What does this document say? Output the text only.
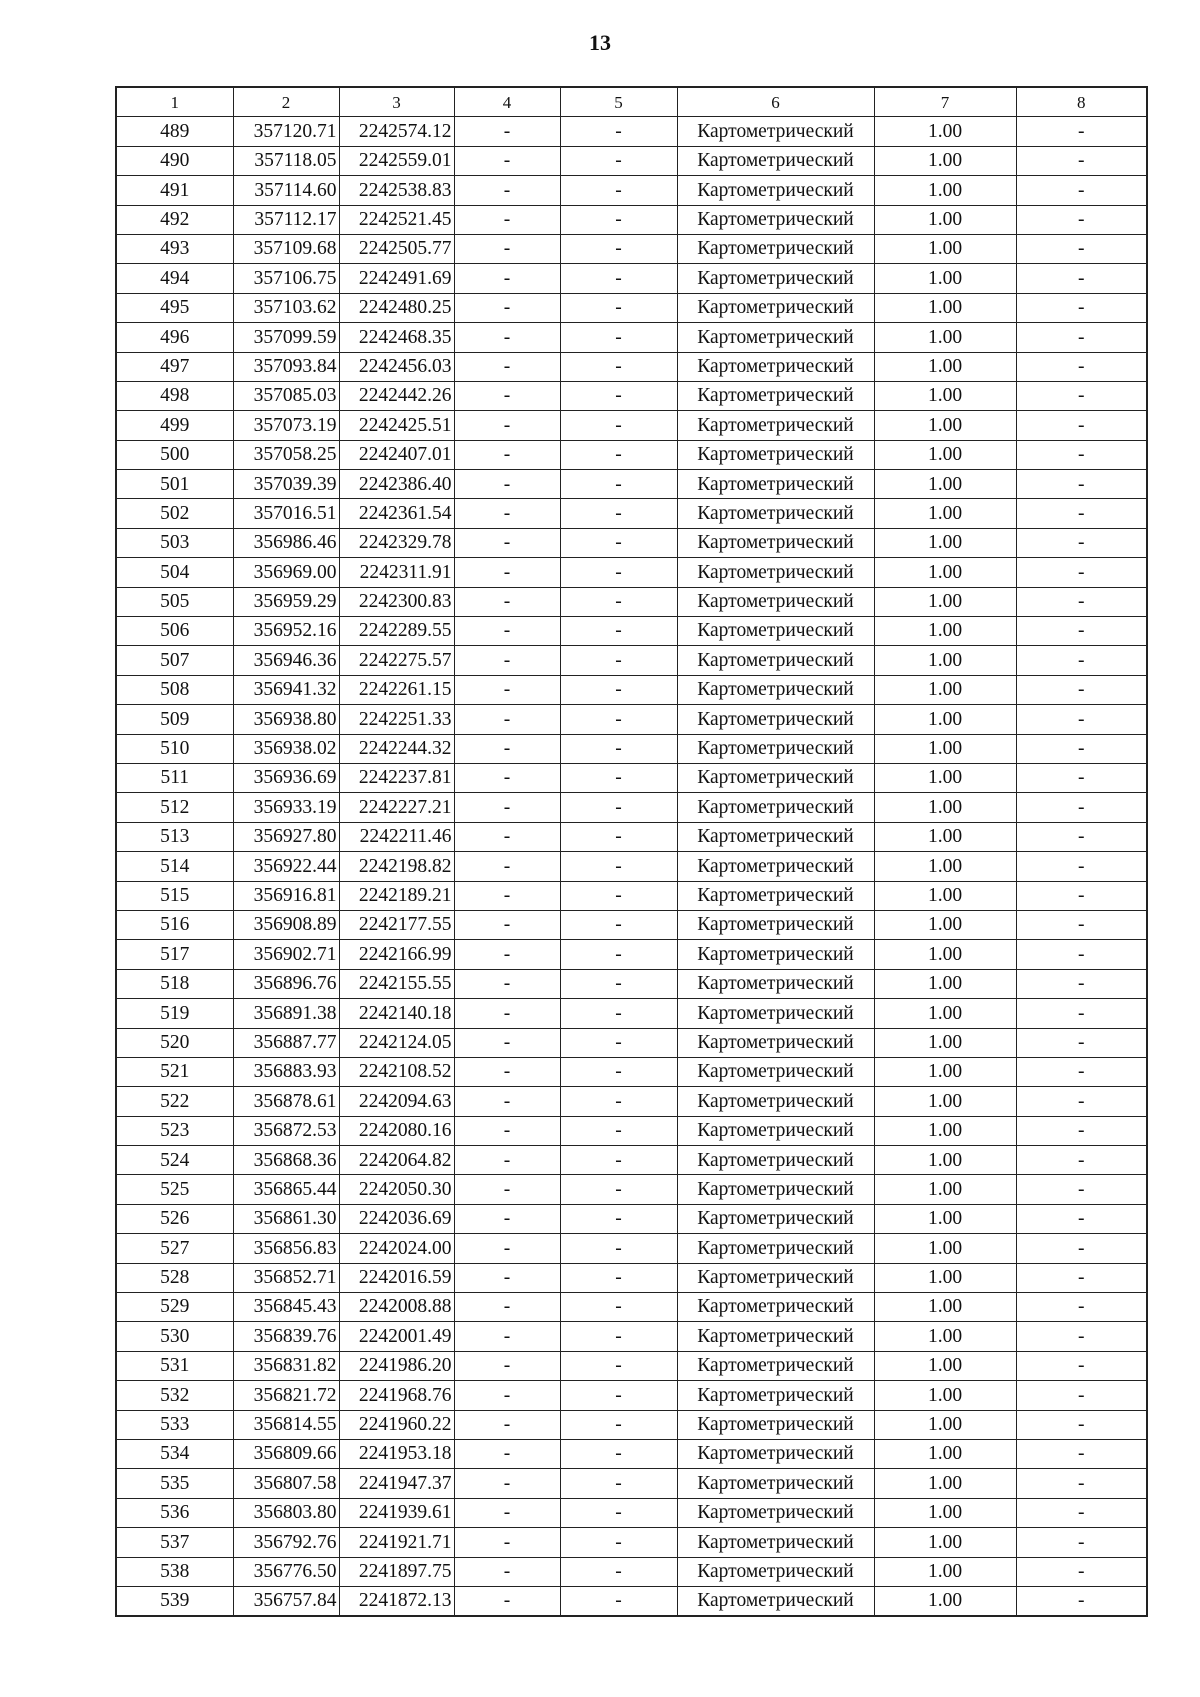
13
1	2	3	4	5	6	7	8
489	357120.71	2242574.12	-	-	Картометрический	1.00	-
490	357118.05	2242559.01	-	-	Картометрический	1.00	-
491	357114.60	2242538.83	-	-	Картометрический	1.00	-
492	357112.17	2242521.45	-	-	Картометрический	1.00	-
493	357109.68	2242505.77	-	-	Картометрический	1.00	-
494	357106.75	2242491.69	-	-	Картометрический	1.00	-
495	357103.62	2242480.25	-	-	Картометрический	1.00	-
496	357099.59	2242468.35	-	-	Картометрический	1.00	-
497	357093.84	2242456.03	-	-	Картометрический	1.00	-
498	357085.03	2242442.26	-	-	Картометрический	1.00	-
499	357073.19	2242425.51	-	-	Картометрический	1.00	-
500	357058.25	2242407.01	-	-	Картометрический	1.00	-
501	357039.39	2242386.40	-	-	Картометрический	1.00	-
502	357016.51	2242361.54	-	-	Картометрический	1.00	-
503	356986.46	2242329.78	-	-	Картометрический	1.00	-
504	356969.00	2242311.91	-	-	Картометрический	1.00	-
505	356959.29	2242300.83	-	-	Картометрический	1.00	-
506	356952.16	2242289.55	-	-	Картометрический	1.00	-
507	356946.36	2242275.57	-	-	Картометрический	1.00	-
508	356941.32	2242261.15	-	-	Картометрический	1.00	-
509	356938.80	2242251.33	-	-	Картометрический	1.00	-
510	356938.02	2242244.32	-	-	Картометрический	1.00	-
511	356936.69	2242237.81	-	-	Картометрический	1.00	-
512	356933.19	2242227.21	-	-	Картометрический	1.00	-
513	356927.80	2242211.46	-	-	Картометрический	1.00	-
514	356922.44	2242198.82	-	-	Картометрический	1.00	-
515	356916.81	2242189.21	-	-	Картометрический	1.00	-
516	356908.89	2242177.55	-	-	Картометрический	1.00	-
517	356902.71	2242166.99	-	-	Картометрический	1.00	-
518	356896.76	2242155.55	-	-	Картометрический	1.00	-
519	356891.38	2242140.18	-	-	Картометрический	1.00	-
520	356887.77	2242124.05	-	-	Картометрический	1.00	-
521	356883.93	2242108.52	-	-	Картометрический	1.00	-
522	356878.61	2242094.63	-	-	Картометрический	1.00	-
523	356872.53	2242080.16	-	-	Картометрический	1.00	-
524	356868.36	2242064.82	-	-	Картометрический	1.00	-
525	356865.44	2242050.30	-	-	Картометрический	1.00	-
526	356861.30	2242036.69	-	-	Картометрический	1.00	-
527	356856.83	2242024.00	-	-	Картометрический	1.00	-
528	356852.71	2242016.59	-	-	Картометрический	1.00	-
529	356845.43	2242008.88	-	-	Картометрический	1.00	-
530	356839.76	2242001.49	-	-	Картометрический	1.00	-
531	356831.82	2241986.20	-	-	Картометрический	1.00	-
532	356821.72	2241968.76	-	-	Картометрический	1.00	-
533	356814.55	2241960.22	-	-	Картометрический	1.00	-
534	356809.66	2241953.18	-	-	Картометрический	1.00	-
535	356807.58	2241947.37	-	-	Картометрический	1.00	-
536	356803.80	2241939.61	-	-	Картометрический	1.00	-
537	356792.76	2241921.71	-	-	Картометрический	1.00	-
538	356776.50	2241897.75	-	-	Картометрический	1.00	-
539	356757.84	2241872.13	-	-	Картометрический	1.00	-
